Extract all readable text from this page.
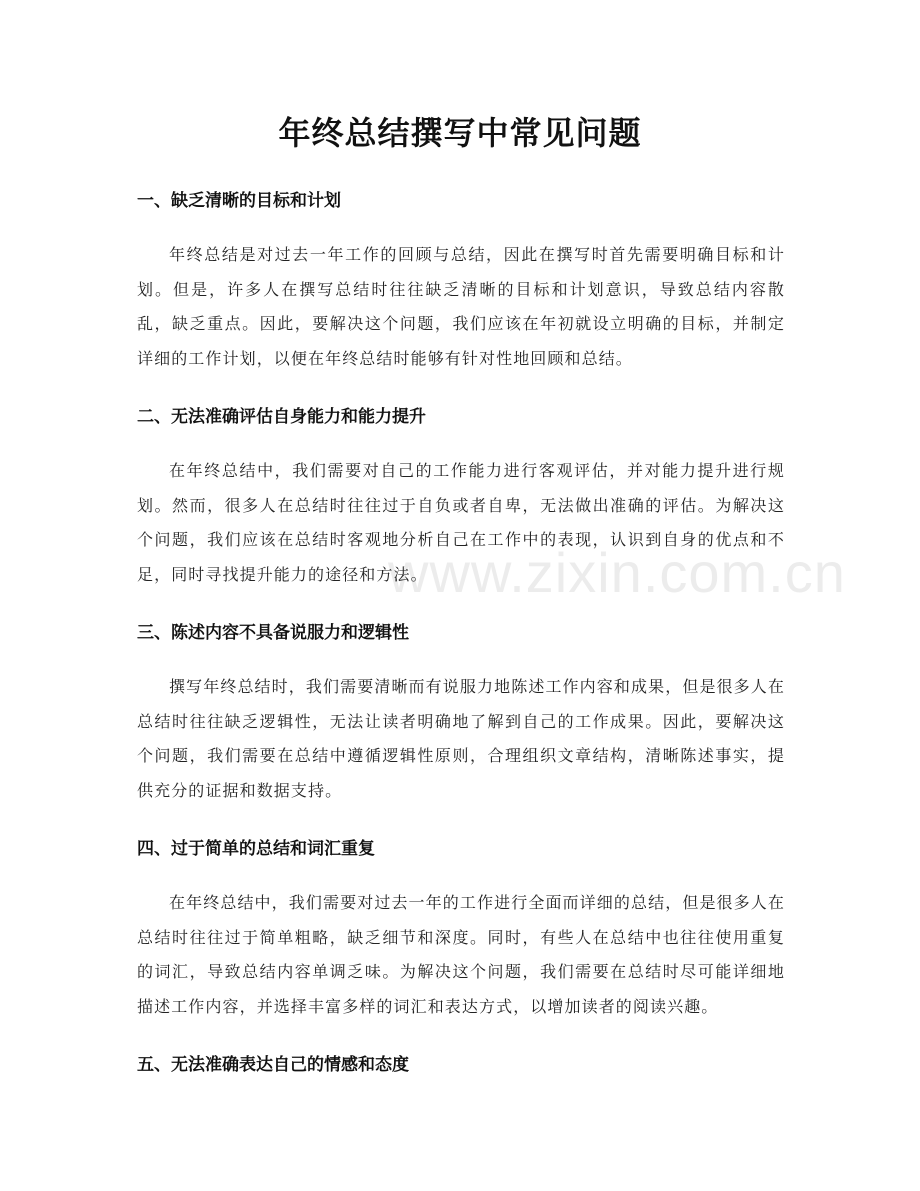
年终总结撰写中常见问题
www.zixin.com.cn
一、缺乏清晰的目标和计划

年终总结是对过去一年工作的回顾与总结，因此在撰写时首先需要明确目标和计划。但是，许多人在撰写总结时往往缺乏清晰的目标和计划意识，导致总结内容散乱，缺乏重点。因此，要解决这个问题，我们应该在年初就设立明确的目标，并制定详细的工作计划，以便在年终总结时能够有针对性地回顾和总结。

二、无法准确评估自身能力和能力提升

在年终总结中，我们需要对自己的工作能力进行客观评估，并对能力提升进行规划。然而，很多人在总结时往往过于自负或者自卑，无法做出准确的评估。为解决这个问题，我们应该在总结时客观地分析自己在工作中的表现，认识到自身的优点和不足，同时寻找提升能力的途径和方法。

三、陈述内容不具备说服力和逻辑性

撰写年终总结时，我们需要清晰而有说服力地陈述工作内容和成果，但是很多人在总结时往往缺乏逻辑性，无法让读者明确地了解到自己的工作成果。因此，要解决这个问题，我们需要在总结中遵循逻辑性原则，合理组织文章结构，清晰陈述事实，提供充分的证据和数据支持。

四、过于简单的总结和词汇重复

在年终总结中，我们需要对过去一年的工作进行全面而详细的总结，但是很多人在总结时往往过于简单粗略，缺乏细节和深度。同时，有些人在总结中也往往使用重复的词汇，导致总结内容单调乏味。为解决这个问题，我们需要在总结时尽可能详细地描述工作内容，并选择丰富多样的词汇和表达方式，以增加读者的阅读兴趣。

五、无法准确表达自己的情感和态度
